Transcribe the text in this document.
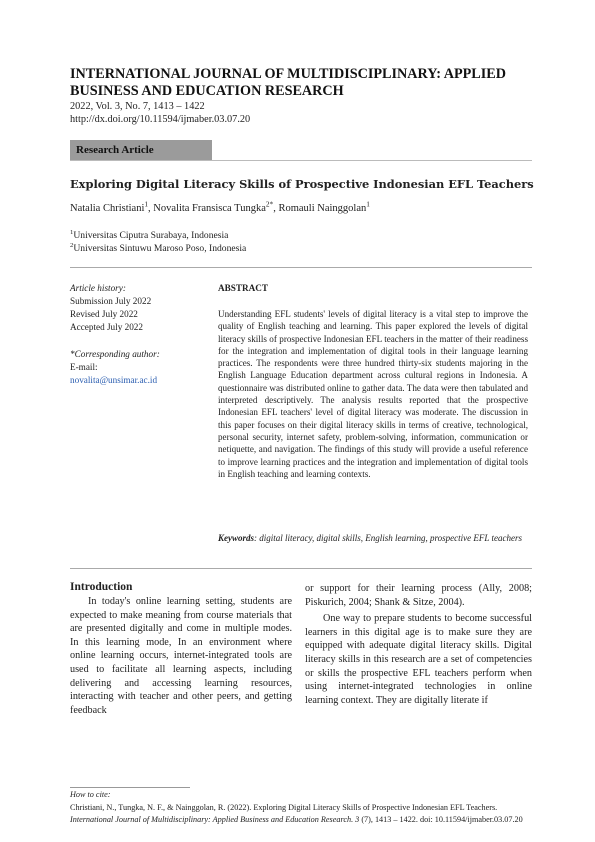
INTERNATIONAL JOURNAL OF MULTIDISCIPLINARY: APPLIED
BUSINESS AND EDUCATION RESEARCH
2022, Vol. 3, No. 7, 1413 – 1422
http://dx.doi.org/10.11594/ijmaber.03.07.20
Research Article
Exploring Digital Literacy Skills of Prospective Indonesian EFL Teachers
Natalia Christiani$^1$, Novalita Fransisca Tungka$^{2*}$, Romauli Nainggolan$^1$
$^1$Universitas Ciputra Surabaya, Indonesia
$^2$Universitas Sintuwu Maroso Poso, Indonesia
Article history:
Submission July 2022
Revised July 2022
Accepted July 2022
*Corresponding author:
E-mail:
novalita@unsimar.ac.id
ABSTRACT
Understanding EFL students' levels of digital literacy is a vital step to improve the quality of English teaching and learning. This paper explored the levels of digital literacy skills of prospective Indonesian EFL teachers in the matter of their readiness for the integration and implementation of digital tools in their language learning practices. The respondents were three hundred thirty-six students majoring in the English Language Education department across cultural regions in Indonesia. A questionnaire was distributed online to gather data. The data were then tabulated and interpreted descriptively. The analysis results reported that the prospective Indonesian EFL teachers' level of digital literacy was moderate. The discussion in this paper focuses on their digital literacy skills in terms of creative, technological, personal security, internet safety, problem-solving, information, communication or netiquette, and navigation. The findings of this study will provide a useful reference to improve learning practices and the integration and implementation of digital tools in English teaching and learning contexts.
Keywords: digital literacy, digital skills, English learning, prospective EFL teachers
Introduction
In today's online learning setting, students are expected to make meaning from course materials that are presented digitally and come in multiple modes. In this learning mode, In an environment where online learning occurs, internet-integrated tools are used to facilitate all learning aspects, including delivering and accessing learning resources, interacting with teacher and other peers, and getting feedback
or support for their learning process (Ally, 2008; Piskurich, 2004; Shank & Sitze, 2004).
One way to prepare students to become successful learners in this digital age is to make sure they are equipped with adequate digital literacy skills. Digital literacy skills in this research are a set of competencies or skills the prospective EFL teachers perform when using internet-integrated technologies in online learning context. They are digitally literate if
How to cite:
Christiani, N., Tungka, N. F., & Nainggolan, R. (2022). Exploring Digital Literacy Skills of Prospective Indonesian EFL Teachers. International Journal of Multidisciplinary: Applied Business and Education Research. 3 (7), 1413 – 1422. doi: 10.11594/ijmaber.03.07.20
